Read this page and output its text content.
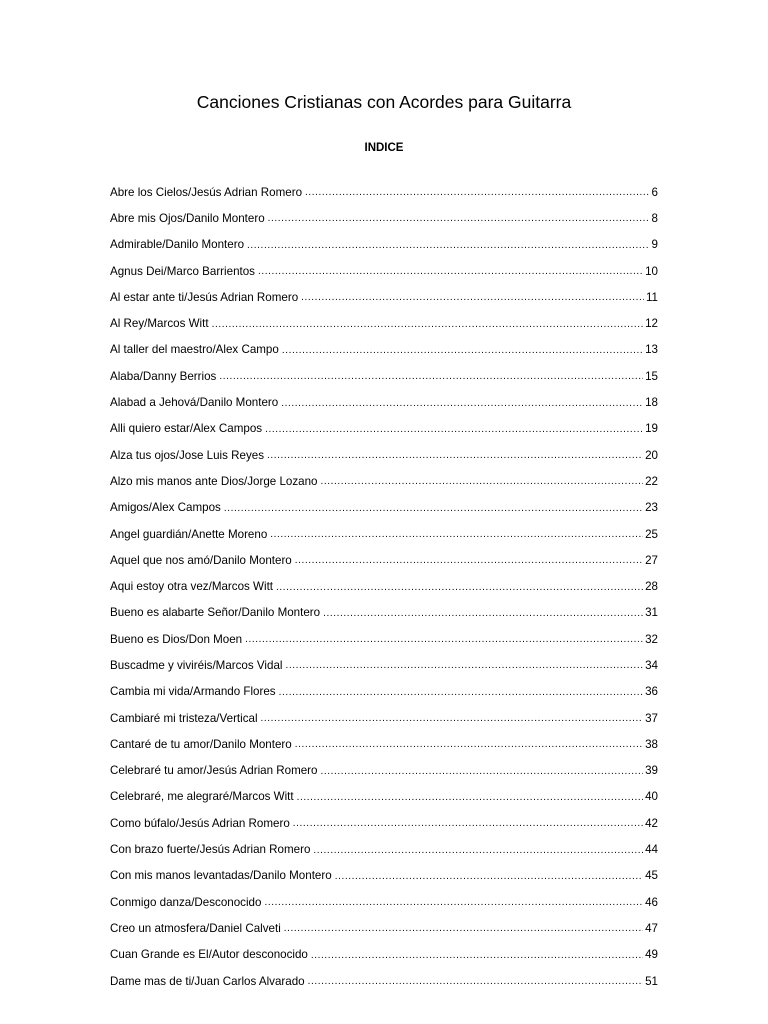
Canciones Cristianas con Acordes para Guitarra
INDICE
Abre los Cielos/Jesús Adrian Romero .....	6
Abre mis Ojos/Danilo Montero .....	8
Admirable/Danilo Montero .....	9
Agnus Dei/Marco Barrientos .....	10
Al estar ante ti/Jesús Adrian Romero .....	11
Al Rey/Marcos Witt .....	12
Al taller del maestro/Alex Campo .....	13
Alaba/Danny Berrios .....	15
Alabad a Jehová/Danilo Montero .....	18
Alli quiero estar/Alex Campos .....	19
Alza tus ojos/Jose Luis Reyes .....	20
Alzo mis manos ante Dios/Jorge Lozano .....	22
Amigos/Alex Campos .....	23
Angel guardián/Anette Moreno .....	25
Aquel que nos amó/Danilo Montero .....	27
Aqui estoy otra vez/Marcos Witt .....	28
Bueno es alabarte Señor/Danilo Montero .....	31
Bueno es Dios/Don Moen .....	32
Buscadme y viviréis/Marcos Vidal .....	34
Cambia mi vida/Armando Flores .....	36
Cambiaré mi tristeza/Vertical .....	37
Cantaré de tu amor/Danilo Montero .....	38
Celebraré tu amor/Jesús Adrian Romero .....	39
Celebraré, me alegraré/Marcos Witt .....	40
Como búfalo/Jesús Adrian Romero .....	42
Con brazo fuerte/Jesús Adrian Romero .....	44
Con mis manos levantadas/Danilo Montero .....	45
Conmigo danza/Desconocido .....	46
Creo un atmosfera/Daniel Calveti .....	47
Cuan Grande es El/Autor desconocido .....	49
Dame mas de ti/Juan Carlos Alvarado .....	51
